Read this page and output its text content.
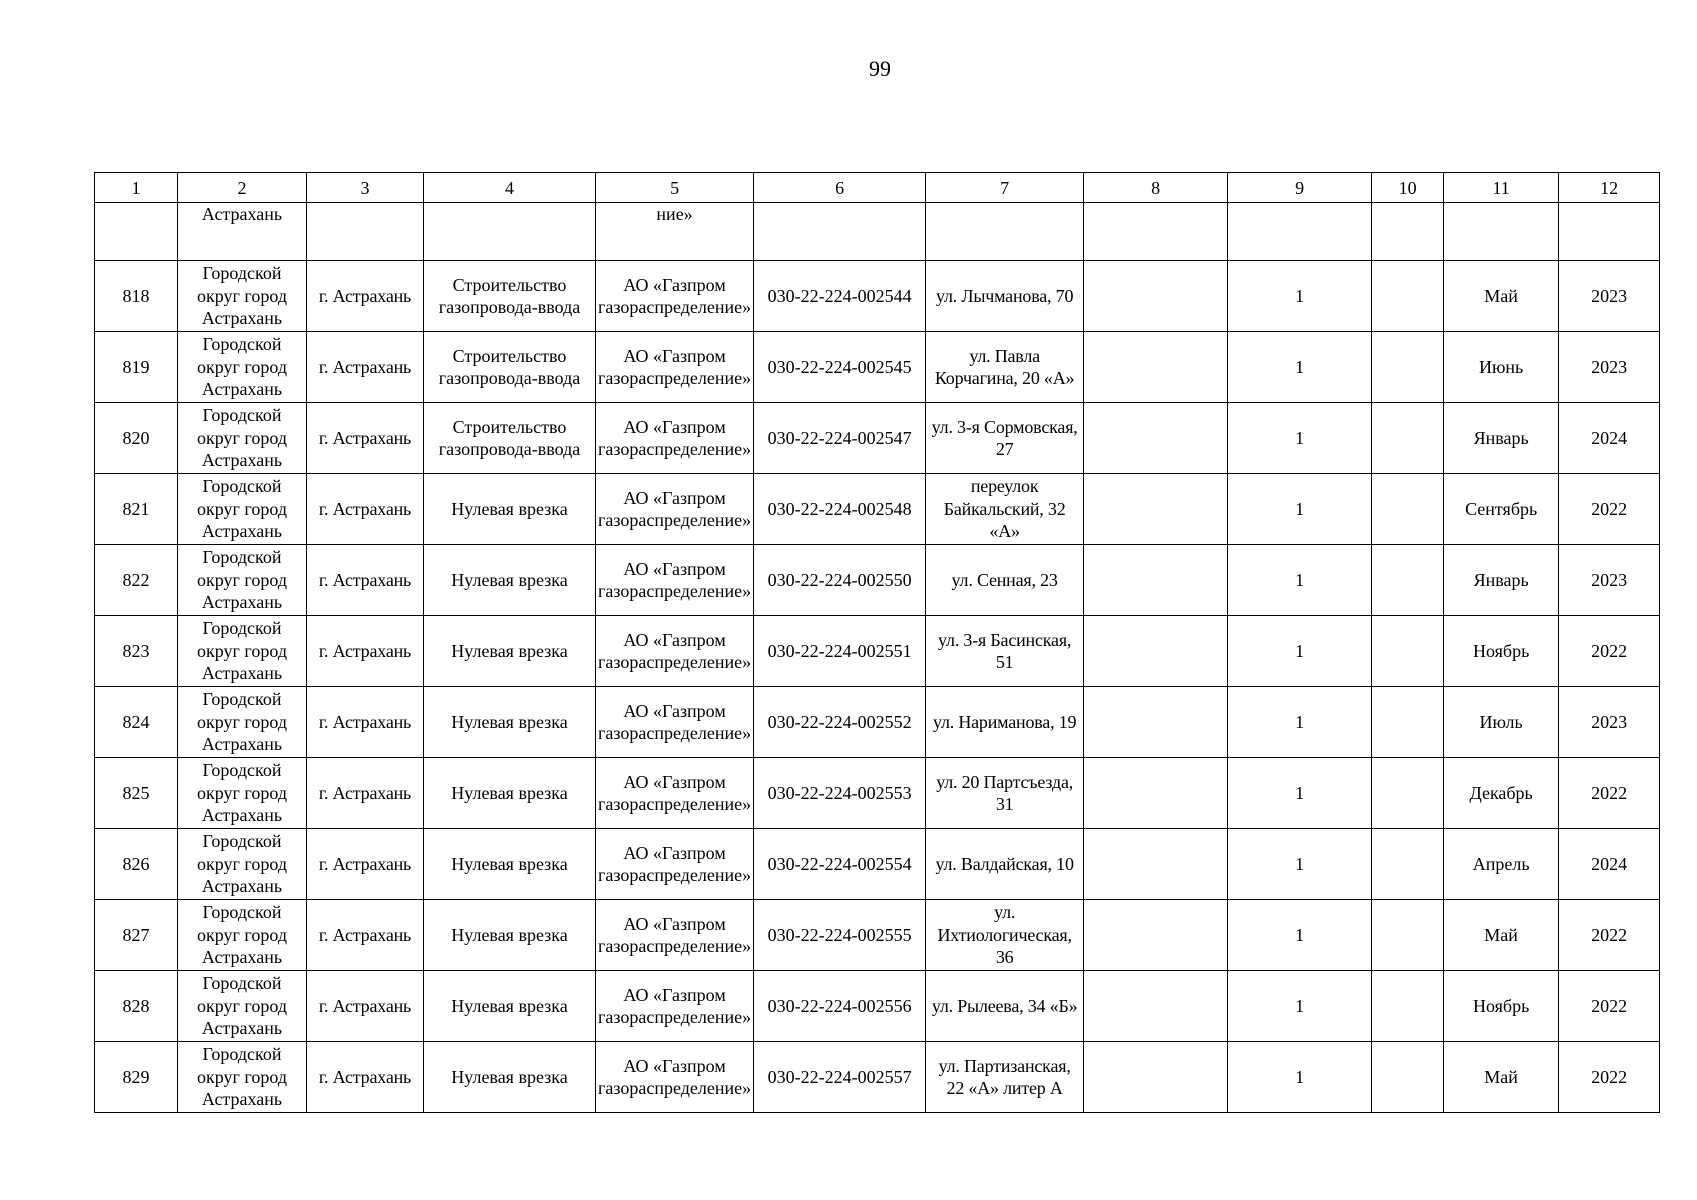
99
1	2	3	4	5	6	7	8	9	10	11	12
	Астрахань			ние»							
818	Городской округ город Астрахань	г. Астрахань	Строительство газопровода-ввода	АО «Газпром газораспределение»	030-22-224-002544	ул. Лычманова, 70		1		Май	2023
819	Городской округ город Астрахань	г. Астрахань	Строительство газопровода-ввода	АО «Газпром газораспределение»	030-22-224-002545	ул. Павла Корчагина, 20 «А»		1		Июнь	2023
820	Городской округ город Астрахань	г. Астрахань	Строительство газопровода-ввода	АО «Газпром газораспределение»	030-22-224-002547	ул. 3-я Сормовская, 27		1		Январь	2024
821	Городской округ город Астрахань	г. Астрахань	Нулевая врезка	АО «Газпром газораспределение»	030-22-224-002548	переулок Байкальский, 32 «А»		1		Сентябрь	2022
822	Городской округ город Астрахань	г. Астрахань	Нулевая врезка	АО «Газпром газораспределение»	030-22-224-002550	ул. Сенная, 23		1		Январь	2023
823	Городской округ город Астрахань	г. Астрахань	Нулевая врезка	АО «Газпром газораспределение»	030-22-224-002551	ул. 3-я Басинская, 51		1		Ноябрь	2022
824	Городской округ город Астрахань	г. Астрахань	Нулевая врезка	АО «Газпром газораспределение»	030-22-224-002552	ул. Нариманова, 19		1		Июль	2023
825	Городской округ город Астрахань	г. Астрахань	Нулевая врезка	АО «Газпром газораспределение»	030-22-224-002553	ул. 20 Партсъезда, 31		1		Декабрь	2022
826	Городской округ город Астрахань	г. Астрахань	Нулевая врезка	АО «Газпром газораспределение»	030-22-224-002554	ул. Валдайская, 10		1		Апрель	2024
827	Городской округ город Астрахань	г. Астрахань	Нулевая врезка	АО «Газпром газораспределение»	030-22-224-002555	ул. Ихтиологическая, 36		1		Май	2022
828	Городской округ город Астрахань	г. Астрахань	Нулевая врезка	АО «Газпром газораспределение»	030-22-224-002556	ул. Рылеева, 34 «Б»		1		Ноябрь	2022
829	Городской округ город Астрахань	г. Астрахань	Нулевая врезка	АО «Газпром газораспределение»	030-22-224-002557	ул. Партизанская, 22 «А» литер А		1		Май	2022
